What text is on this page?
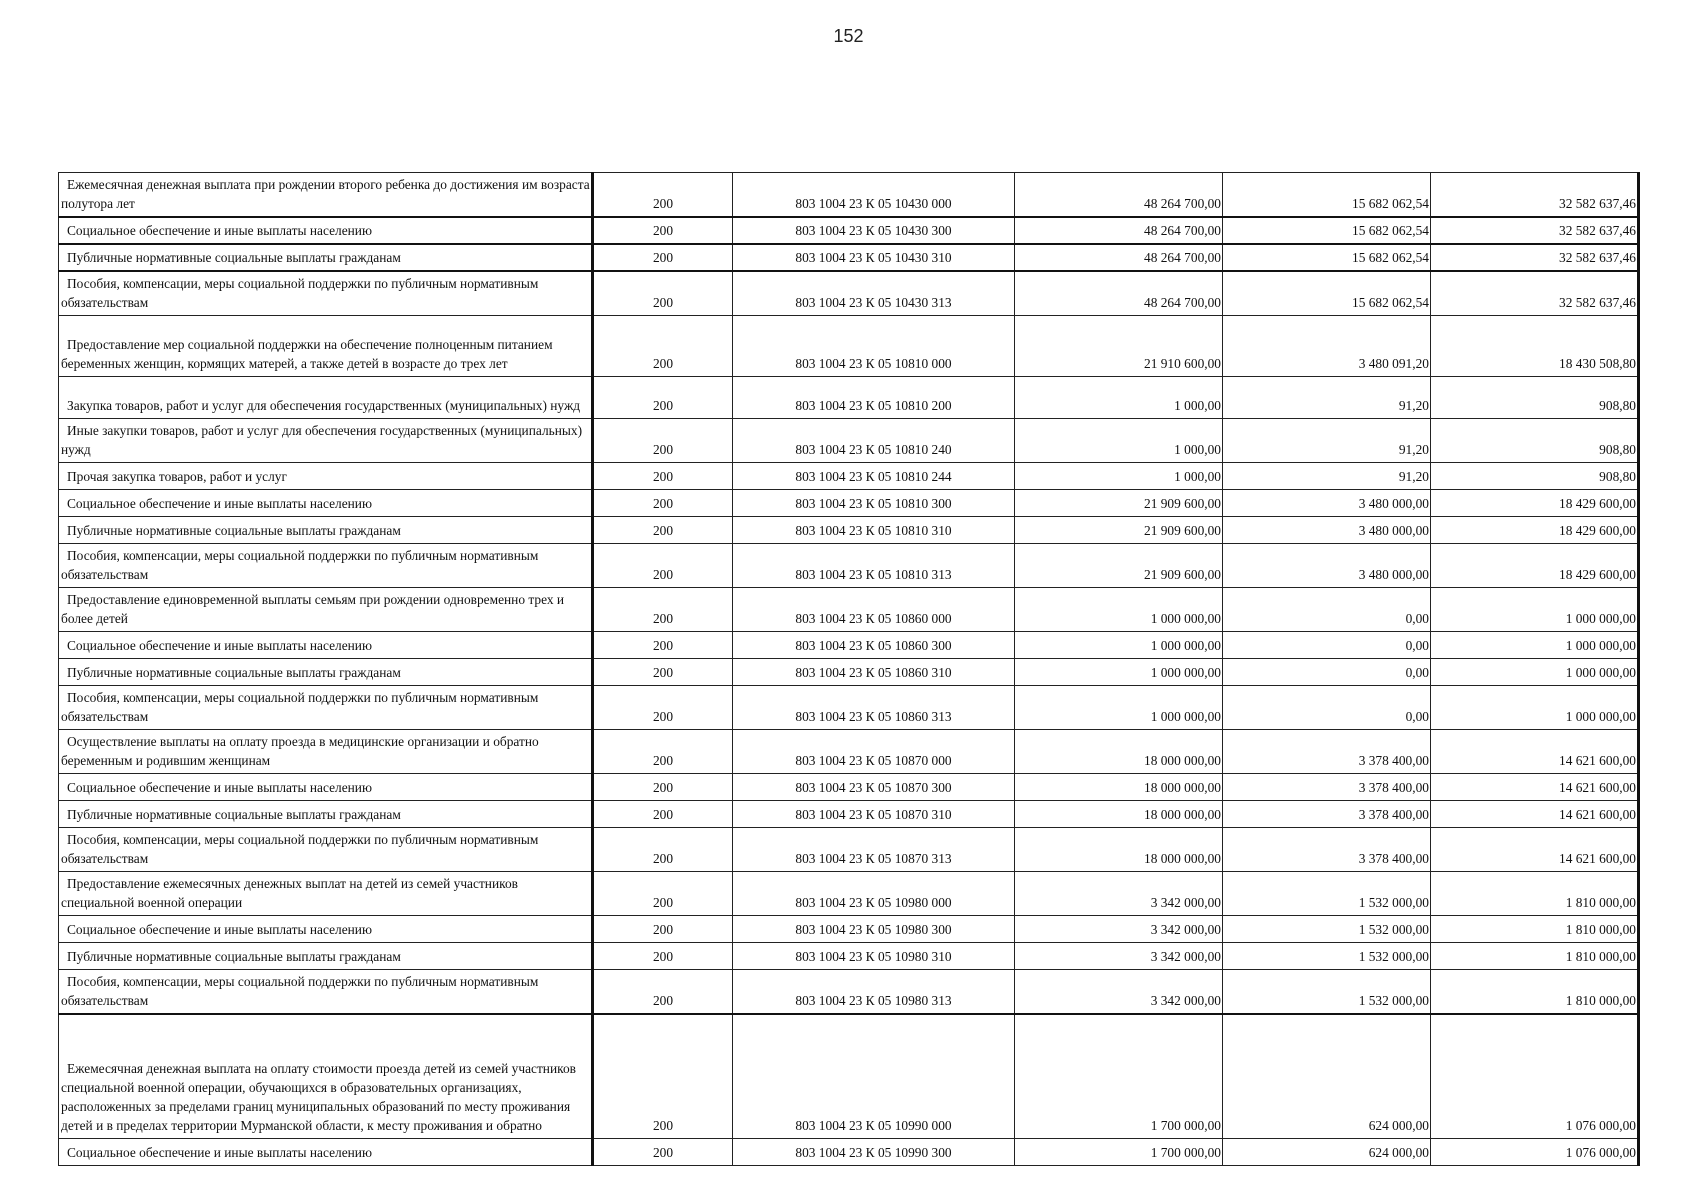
152
Ежемесячная денежная выплата при рождении второго ребенка до достижения им возраста полутора лет	200	803 1004 23 К 05 10430 000	48 264 700,00	15 682 062,54	32 582 637,46

Социальное обеспечение и иные выплаты населению	200	803 1004 23 К 05 10430 300	48 264 700,00	15 682 062,54	32 582 637,46

Публичные нормативные социальные выплаты гражданам	200	803 1004 23 К 05 10430 310	48 264 700,00	15 682 062,54	32 582 637,46

Пособия, компенсации, меры социальной поддержки по публичным нормативным обязательствам	200	803 1004 23 К 05 10430 313	48 264 700,00	15 682 062,54	32 582 637,46

Предоставление мер социальной поддержки на обеспечение полноценным питанием беременных женщин, кормящих матерей, а также детей в возрасте до трех лет	200	803 1004 23 К 05 10810 000	21 910 600,00	3 480 091,20	18 430 508,80

Закупка товаров, работ и услуг для обеспечения государственных (муниципальных) нужд	200	803 1004 23 К 05 10810 200	1 000,00	91,20	908,80

Иные закупки товаров, работ и услуг для обеспечения государственных (муниципальных) нужд	200	803 1004 23 К 05 10810 240	1 000,00	91,20	908,80

Прочая закупка товаров, работ и услуг	200	803 1004 23 К 05 10810 244	1 000,00	91,20	908,80

Социальное обеспечение и иные выплаты населению	200	803 1004 23 К 05 10810 300	21 909 600,00	3 480 000,00	18 429 600,00

Публичные нормативные социальные выплаты гражданам	200	803 1004 23 К 05 10810 310	21 909 600,00	3 480 000,00	18 429 600,00

Пособия, компенсации, меры социальной поддержки по публичным нормативным обязательствам	200	803 1004 23 К 05 10810 313	21 909 600,00	3 480 000,00	18 429 600,00

Предоставление единовременной выплаты семьям при рождении одновременно трех и более детей	200	803 1004 23 К 05 10860 000	1 000 000,00	0,00	1 000 000,00

Социальное обеспечение и иные выплаты населению	200	803 1004 23 К 05 10860 300	1 000 000,00	0,00	1 000 000,00

Публичные нормативные социальные выплаты гражданам	200	803 1004 23 К 05 10860 310	1 000 000,00	0,00	1 000 000,00

Пособия, компенсации, меры социальной поддержки по публичным нормативным обязательствам	200	803 1004 23 К 05 10860 313	1 000 000,00	0,00	1 000 000,00

Осуществление выплаты на оплату проезда в медицинские организации и обратно беременным и родившим женщинам	200	803 1004 23 К 05 10870 000	18 000 000,00	3 378 400,00	14 621 600,00

Социальное обеспечение и иные выплаты населению	200	803 1004 23 К 05 10870 300	18 000 000,00	3 378 400,00	14 621 600,00

Публичные нормативные социальные выплаты гражданам	200	803 1004 23 К 05 10870 310	18 000 000,00	3 378 400,00	14 621 600,00

Пособия, компенсации, меры социальной поддержки по публичным нормативным обязательствам	200	803 1004 23 К 05 10870 313	18 000 000,00	3 378 400,00	14 621 600,00

Предоставление ежемесячных денежных выплат на детей из семей участников специальной военной операции	200	803 1004 23 К 05 10980 000	3 342 000,00	1 532 000,00	1 810 000,00

Социальное обеспечение и иные выплаты населению	200	803 1004 23 К 05 10980 300	3 342 000,00	1 532 000,00	1 810 000,00

Публичные нормативные социальные выплаты гражданам	200	803 1004 23 К 05 10980 310	3 342 000,00	1 532 000,00	1 810 000,00

Пособия, компенсации, меры социальной поддержки по публичным нормативным обязательствам	200	803 1004 23 К 05 10980 313	3 342 000,00	1 532 000,00	1 810 000,00

Ежемесячная денежная выплата на оплату стоимости проезда детей из семей участников специальной военной операции, обучающихся в образовательных организациях, расположенных за пределами границ муниципальных образований по месту проживания детей и в пределах территории Мурманской области, к месту проживания и обратно	200	803 1004 23 К 05 10990 000	1 700 000,00	624 000,00	1 076 000,00

Социальное обеспечение и иные выплаты населению	200	803 1004 23 К 05 10990 300	1 700 000,00	624 000,00	1 076 000,00
